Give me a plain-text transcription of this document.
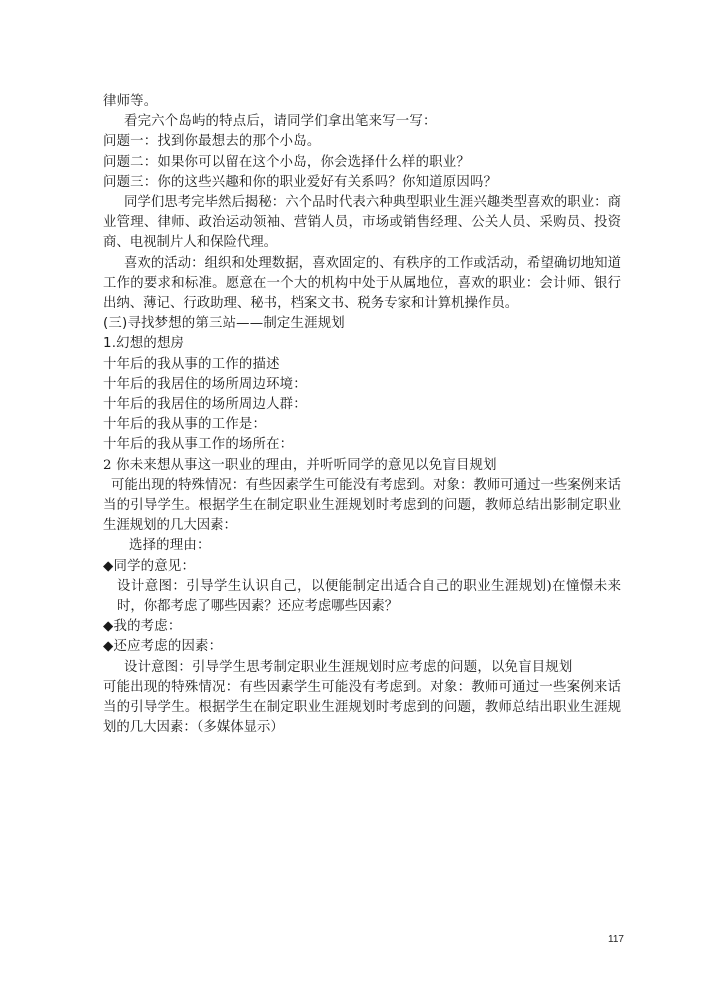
律师等。
看完六个岛屿的特点后，请同学们拿出笔来写一写：
问题一：找到你最想去的那个小岛。
问题二：如果你可以留在这个小岛，你会选择什么样的职业？
问题三：你的这些兴趣和你的职业爱好有关系吗？你知道原因吗？
同学们思考完毕然后揭秘：六个品时代表六种典型职业生涯兴趣类型喜欢的职业：商业管理、律师、政治运动领袖、营销人员，市场或销售经理、公关人员、采购员、投资商、电视制片人和保险代理。
喜欢的活动：组织和处理数据，喜欢固定的、有秩序的工作或活动，希望确切地知道工作的要求和标准。愿意在一个大的机构中处于从属地位，喜欢的职业：会计师、银行出纳、薄记、行政助理、秘书，档案文书、税务专家和计算机操作员。
(三)寻找梦想的第三站——制定生涯规划
1.幻想的想房
十年后的我从事的工作的描述
十年后的我居住的场所周边环境：
十年后的我居住的场所周边人群：
十年后的我从事的工作是：
十年后的我从事工作的场所在：
2 你未来想从事这一职业的理由，并听听同学的意见以免盲目规划
可能出现的特殊情况：有些因素学生可能没有考虑到。对象：教师可通过一些案例来话当的引导学生。根据学生在制定职业生涯规划时考虑到的问题，教师总结出影制定职业生涯规划的几大因素：
选择的理由：
◆同学的意见：
设计意图：引导学生认识自己，以便能制定出适合自己的职业生涯规划)在憧憬未来时，你都考虑了哪些因素？还应考虑哪些因素？
◆我的考虑：
◆还应考虑的因素：
设计意图：引导学生思考制定职业生涯规划时应考虑的问题，以免盲目规划
可能出现的特殊情况：有些因素学生可能没有考虑到。对象：教师可通过一些案例来话当的引导学生。根据学生在制定职业生涯规划时考虑到的问题，教师总结出职业生涯规划的几大因素：（多媒体显示）
117
